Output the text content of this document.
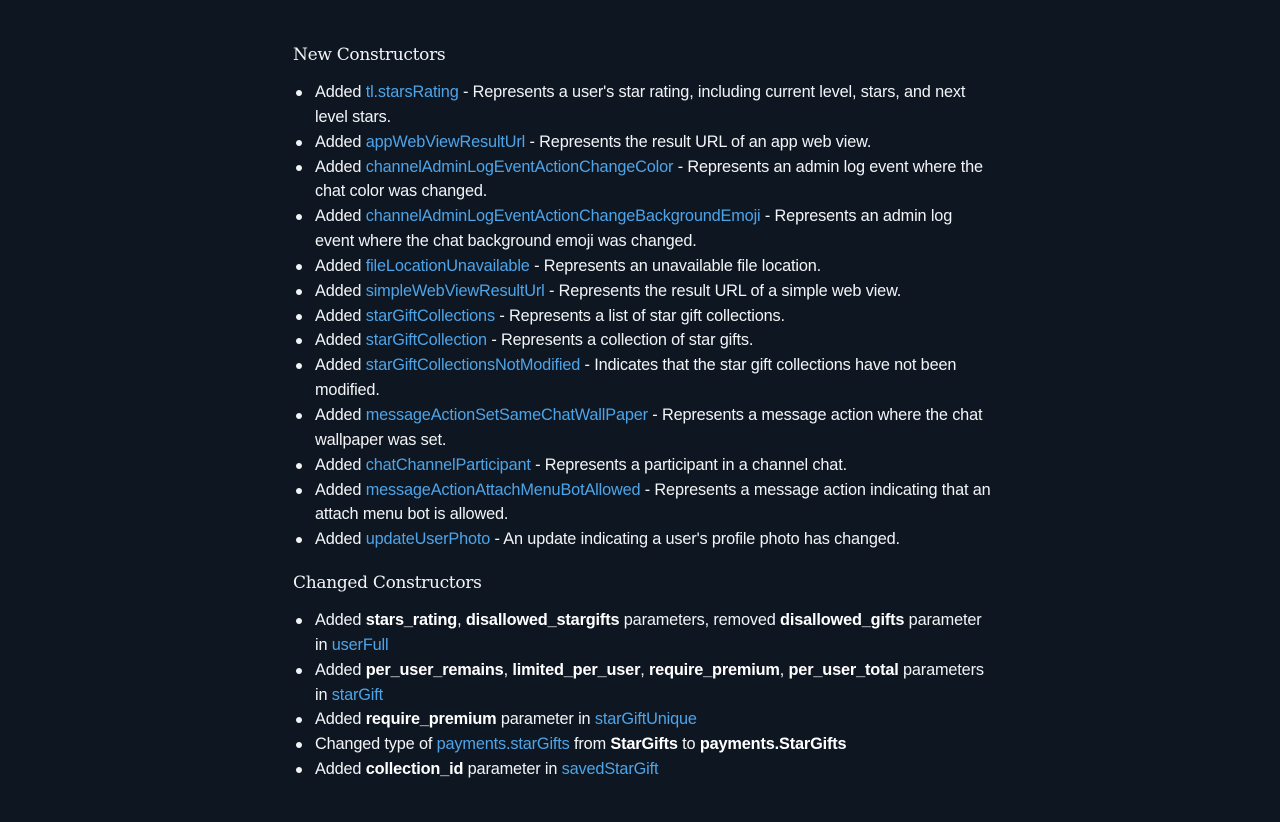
New Constructors
Added tl.starsRating - Represents a user's star rating, including current level, stars, and next level stars.
Added appWebViewResultUrl - Represents the result URL of an app web view.
Added channelAdminLogEventActionChangeColor - Represents an admin log event where the chat color was changed.
Added channelAdminLogEventActionChangeBackgroundEmoji - Represents an admin log event where the chat background emoji was changed.
Added fileLocationUnavailable - Represents an unavailable file location.
Added simpleWebViewResultUrl - Represents the result URL of a simple web view.
Added starGiftCollections - Represents a list of star gift collections.
Added starGiftCollection - Represents a collection of star gifts.
Added starGiftCollectionsNotModified - Indicates that the star gift collections have not been modified.
Added messageActionSetSameChatWallPaper - Represents a message action where the chat wallpaper was set.
Added chatChannelParticipant - Represents a participant in a channel chat.
Added messageActionAttachMenuBotAllowed - Represents a message action indicating that an attach menu bot is allowed.
Added updateUserPhoto - An update indicating a user's profile photo has changed.
Changed Constructors
Added stars_rating, disallowed_stargifts parameters, removed disallowed_gifts parameter in userFull
Added per_user_remains, limited_per_user, require_premium, per_user_total parameters in starGift
Added require_premium parameter in starGiftUnique
Changed type of payments.starGifts from StarGifts to payments.StarGifts
Added collection_id parameter in savedStarGift
